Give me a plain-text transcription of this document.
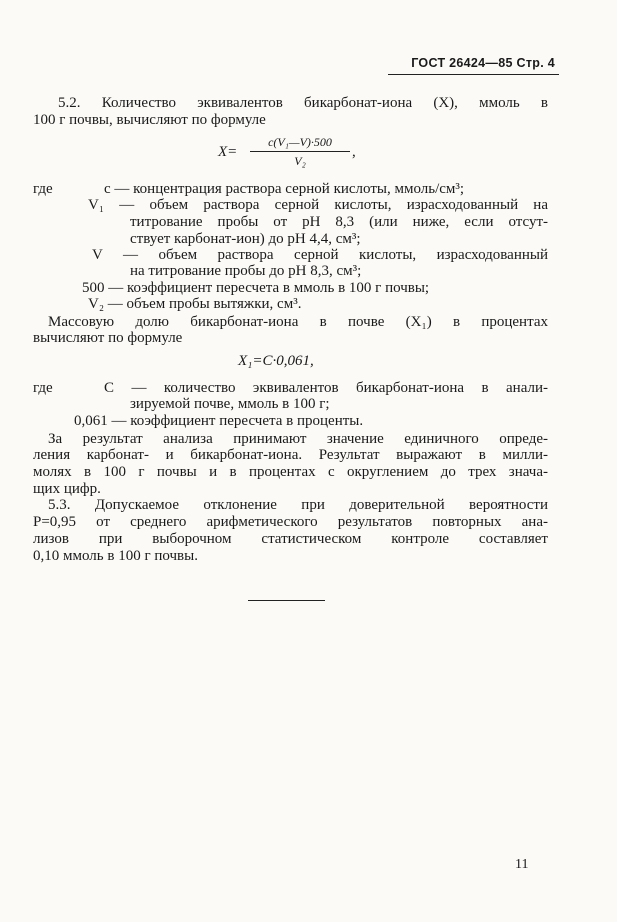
ГОСТ 26424—85 Стр. 4
5.2. Количество эквивалентов бикарбонат-иона (X), ммоль в
100 г почвы, вычисляют по формуле
X=
c(V₁—V)·500
V₂
,
где	c — концентрация раствора серной кислоты, ммоль/см³;
V₁ — объем раствора серной кислоты, израсходованный на
титрование пробы от pH 8,3 (или ниже, если отсут-
ствует карбонат-ион) до pH 4,4, см³;
V — объем раствора серной кислоты, израсходованный
на титрование пробы до pH 8,3, см³;
500 — коэффициент пересчета в ммоль в 100 г почвы;
V₂ — объем пробы вытяжки, см³.
Массовую долю бикарбонат-иона в почве (X₁) в процентах
вычисляют по формуле
X₁=C·0,061,
где	C — количество эквивалентов бикарбонат-иона в анали-
зируемой почве, ммоль в 100 г;
0,061 — коэффициент пересчета в проценты.
За результат анализа принимают значение единичного опреде-
ления карбонат- и бикарбонат-иона. Результат выражают в милли-
молях в 100 г почвы и в процентах с округлением до трех знача-
щих цифр.
5.3. Допускаемое отклонение при доверительной вероятности
P=0,95 от среднего арифметического результатов повторных ана-
лизов при выборочном статистическом контроле составляет
0,10 ммоль в 100 г почвы.
11
